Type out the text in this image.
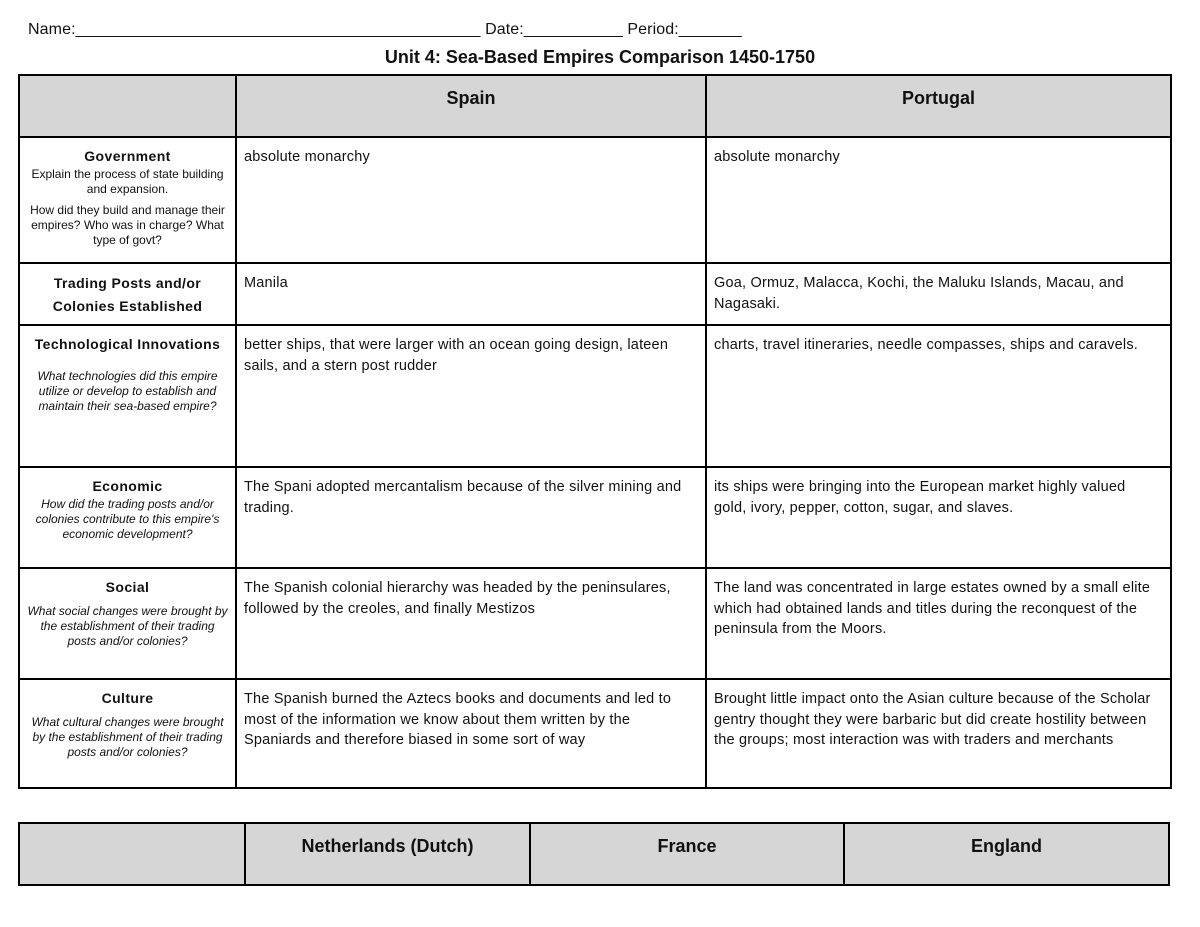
Name:_____________________________________________ Date:___________ Period:_______
Unit 4: Sea-Based Empires Comparison 1450-1750
	Spain	Portugal

Government
Explain the process of state building and expansion.
How did they build and manage their empires? Who was in charge? What type of govt?	absolute monarchy	absolute monarchy

Trading Posts and/or Colonies Established	Manila	Goa, Ormuz, Malacca, Kochi, the Maluku Islands, Macau, and Nagasaki.

Technological Innovations
What technologies did this empire utilize or develop to establish and maintain their sea-based empire?	better ships, that were larger with an ocean going design, lateen sails, and a stern post rudder	charts, travel itineraries, needle compasses, ships and caravels.

Economic
How did the trading posts and/or colonies contribute to this empire's economic development?	The Spani adopted mercantalism because of the silver mining and trading.	its ships were bringing into the European market highly valued gold, ivory, pepper, cotton, sugar, and slaves.

Social
What social changes were brought by the establishment of their trading posts and/or colonies?	The Spanish colonial hierarchy was headed by the peninsulares, followed by the creoles, and finally Mestizos	The land was concentrated in large estates owned by a small elite which had obtained lands and titles during the reconquest of the peninsula from the Moors.

Culture
What cultural changes were brought by the establishment of their trading posts and/or colonies?	The Spanish burned the Aztecs books and documents and led to most of the information we know about them written by the Spaniards and therefore biased in some sort of way	Brought little impact onto the Asian culture because of the Scholar gentry thought they were barbaric but did create hostility between the groups; most interaction was with traders and merchants
	Netherlands (Dutch)	France	England
